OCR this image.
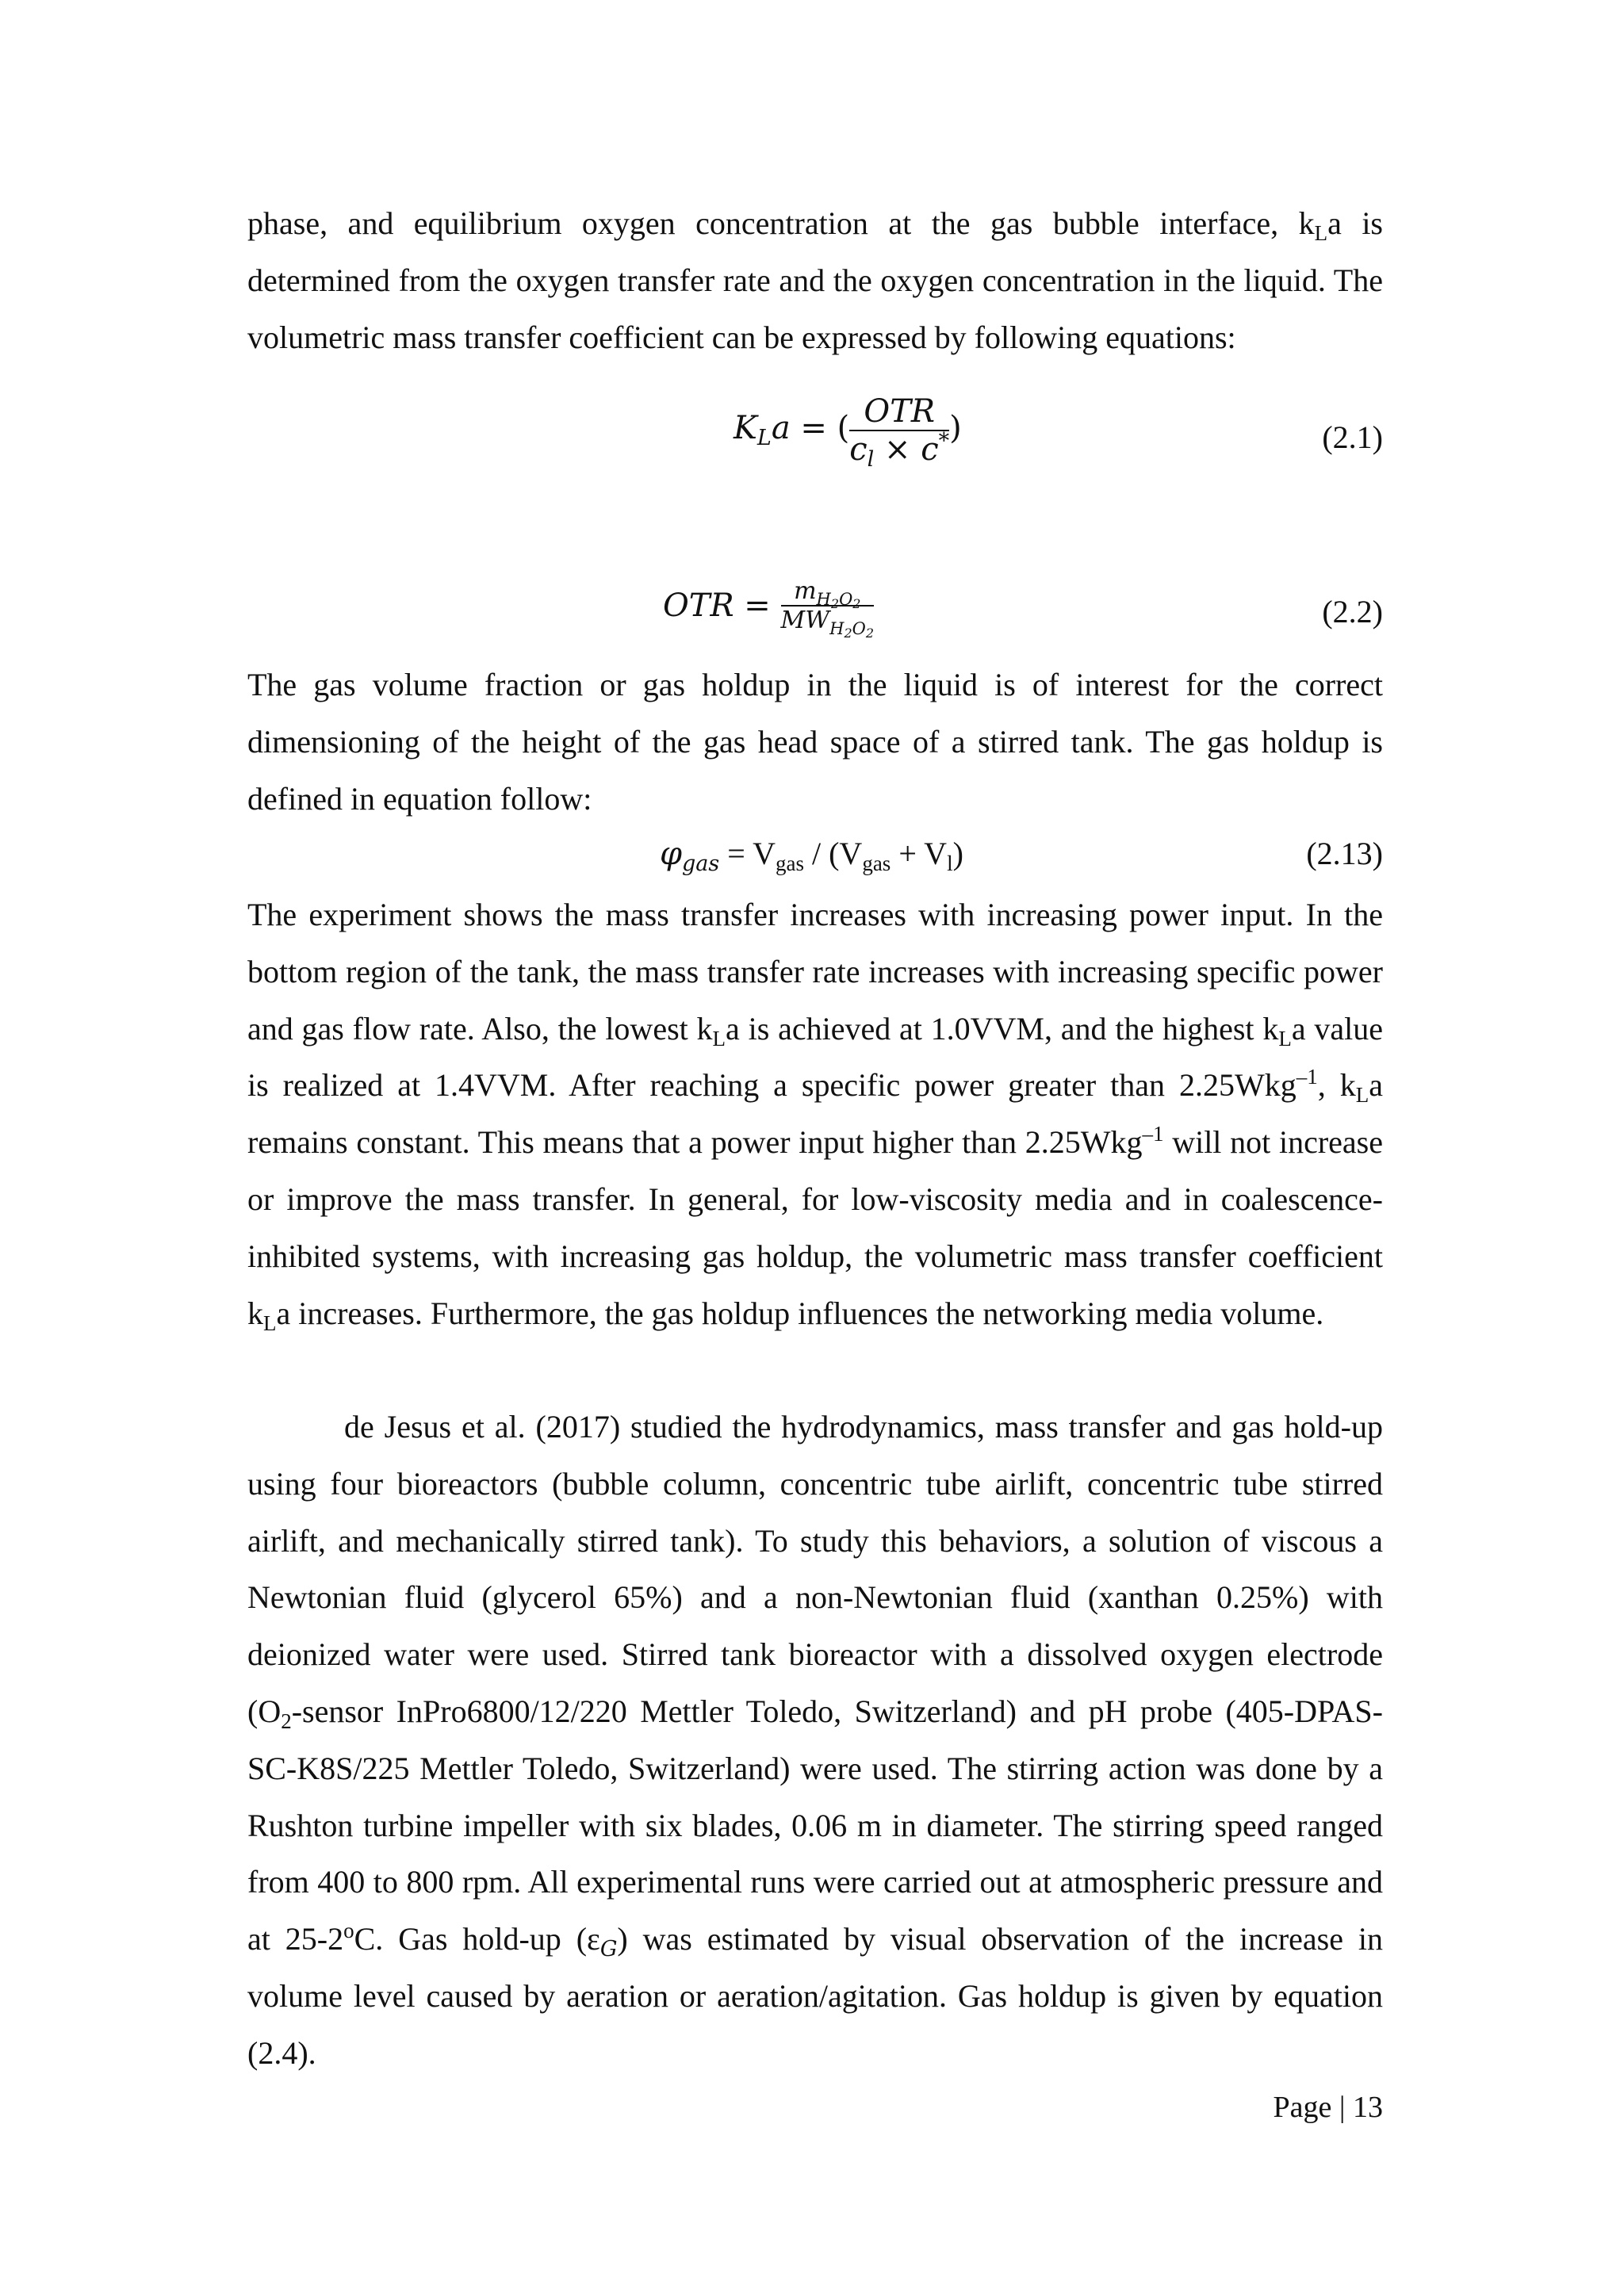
phase, and equilibrium oxygen concentration at the gas bubble interface, $k_La$ is determined from the oxygen transfer rate and the oxygen concentration in the liquid. The volumetric mass transfer coefficient can be expressed by following equations:

$K_La$ = ( $\frac{\text{OTR}}{c_l \times c^*}$ )	(2.1)
OTR = $\frac{m_{H2O2}}{MW_{H2O2}}$	(2.2)

The gas volume fraction or gas holdup in the liquid is of interest for the correct dimensioning of the height of the gas head space of a stirred tank. The gas holdup is defined in equation follow:

$\varphi_{gas} = V_{gas} / (V_{gas} + V_l)$	(2.13)

The experiment shows the mass transfer increases with increasing power input. In the bottom region of the tank, the mass transfer rate increases with increasing specific power and gas flow rate. Also, the lowest $k_La$ is achieved at 1.0VVM, and the highest $k_La$ value is realized at 1.4VVM. After reaching a specific power greater than 2.25Wkg$^{-1}$, $k_La$ remains constant. This means that a power input higher than 2.25Wkg$^{-1}$ will not increase or improve the mass transfer. In general, for low-viscosity media and in coalescence-inhibited systems, with increasing gas holdup, the volumetric mass transfer coefficient $k_La$ increases. Furthermore, the gas holdup influences the networking media volume.

de Jesus et al. (2017) studied the hydrodynamics, mass transfer and gas hold-up using four bioreactors (bubble column, concentric tube airlift, concentric tube stirred airlift, and mechanically stirred tank). To study this behaviors, a solution of viscous a Newtonian fluid (glycerol 65%) and a non-Newtonian fluid (xanthan 0.25%) with deionized water were used. Stirred tank bioreactor with a dissolved oxygen electrode ($O_2$-sensor InPro6800/12/220 Mettler Toledo, Switzerland) and pH probe (405-DPAS-SC-K8S/225 Mettler Toledo, Switzerland) were used. The stirring action was done by a Rushton turbine impeller with six blades, 0.06 m in diameter. The stirring speed ranged from 400 to 800 rpm. All experimental runs were carried out at atmospheric pressure and at 25-2$^o$C. Gas hold-up $(\varepsilon_G)$ was estimated by visual observation of the increase in volume level caused by aeration or aeration/agitation. Gas holdup is given by equation (2.4).

Page | 13
